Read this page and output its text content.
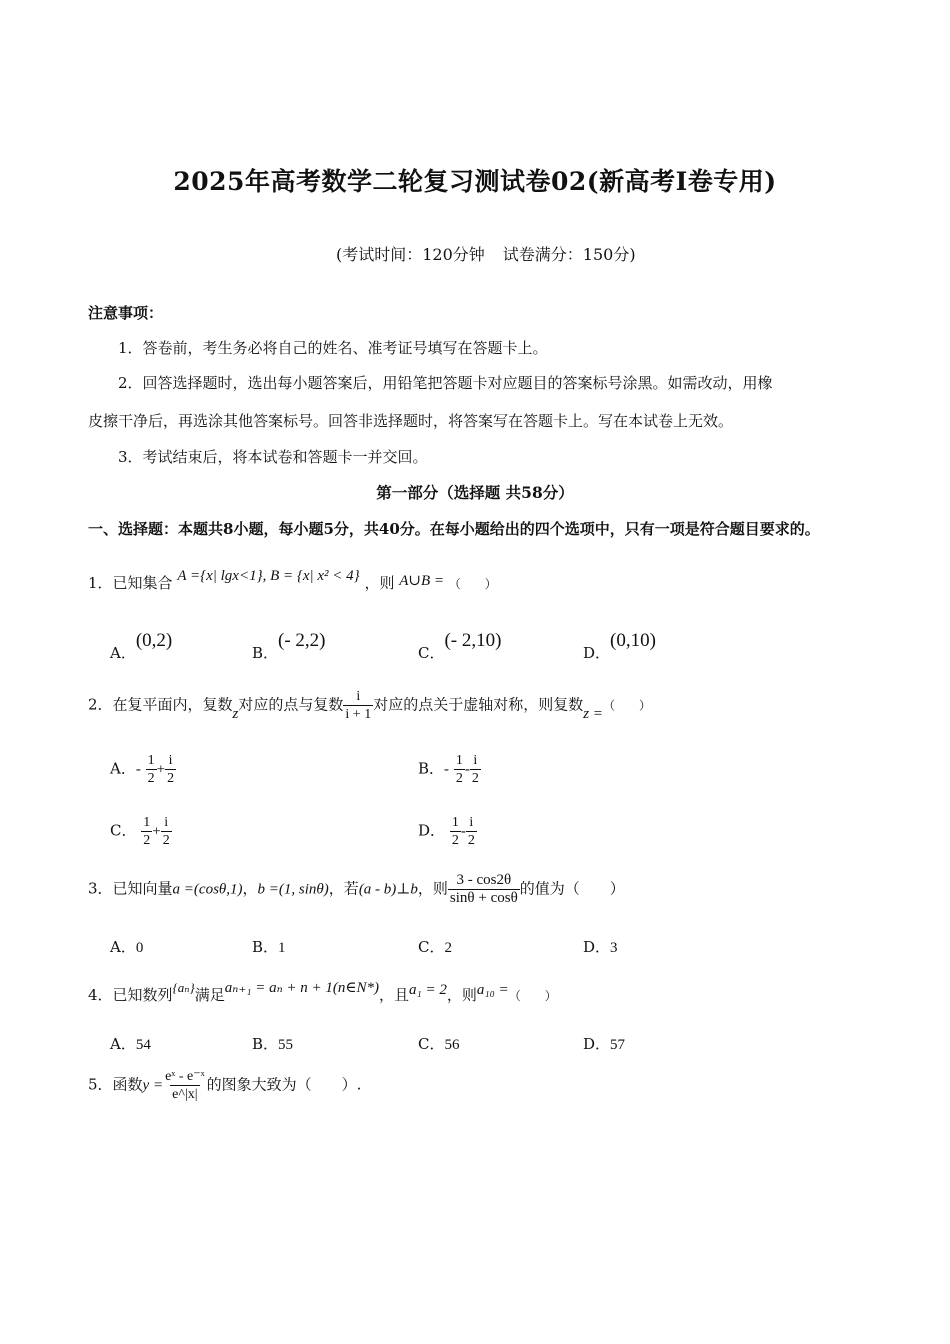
2025年高考数学二轮复习测试卷02(新高考I卷专用)
(考试时间：120分钟 试卷满分：150分)
注意事项：
1．答卷前，考生务必将自己的姓名、准考证号填写在答题卡上。
2．回答选择题时，选出每小题答案后，用铅笔把答题卡对应题目的答案标号涂黑。如需改动，用橡
皮擦干净后，再选涂其他答案标号。回答非选择题时，将答案写在答题卡上。写在本试卷上无效。
3．考试结束后，将本试卷和答题卡一并交回。
第一部分（选择题 共58分）
一、选择题：本题共8小题，每小题5分，共40分。在每小题给出的四个选项中，只有一项是符合题目要求的。
1．已知集合 A ={x| lgx<1}, B = {x| x² < 4} ，则 A∪B = （　　）
A．(0,2)
B．(- 2,2)
C．(- 2,10)
D．(0,10)
2．在复平面内，复数z对应的点与复数 $\frac{i}{i + 1}$ 对应的点关于虚轴对称，则复数z =（　　）
A．- $\frac{1}{2} + \frac{i}{2}$	B．- $\frac{1}{2} - \frac{i}{2}$
C． $\frac{1}{2} + \frac{i}{2}$	D． $\frac{1}{2} - \frac{i}{2}$
3．已知向量a =(cosθ,1)，b =(1, sinθ)，若(a - b)⊥b，则 $\frac{3 - \cos 2\theta}{\sin\theta + \cos\theta}$ 的值为（　　）
A．0	B．1	C．2	D．3
4．已知数列{aₙ}满足aₙ₊₁ = aₙ + n + 1(n∈N*)，且a₁ = 2，则a₁₀ =（　　）
A．54	B．55	C．56	D．57
5．函数$y = \frac{\text{eˣ - e⁻ˣ}}{e\^{}|x|}$ 的图象大致为（　　）.
